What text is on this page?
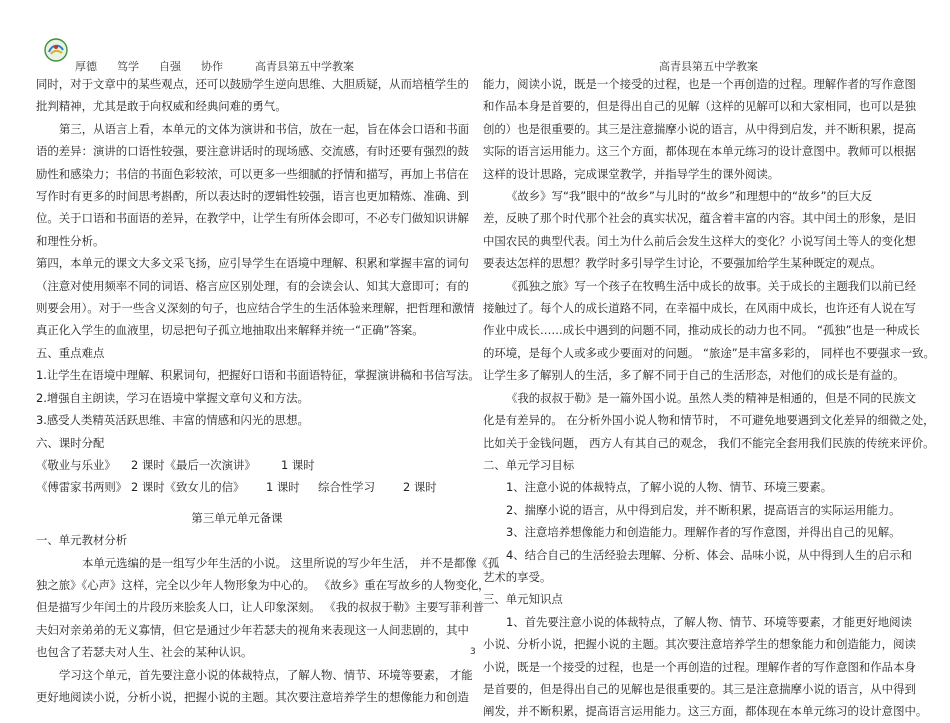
厚德 笃学 自强 协作	高青县第五中学教案	高青县第五中学教案

同时，对于文章中的某些观点，还可以鼓励学生逆向思维、大胆质疑，从而培植学生的

批判精神，尤其是敢于向权威和经典问难的勇气。

第三，从语言上看，本单元的文体为演讲和书信，放在一起，旨在体会口语和书面

语的差异：演讲的口语性较强，要注意讲话时的现场感、交流感，有时还要有强烈的鼓

励性和感染力；书信的书面色彩较浓，可以更多一些细腻的抒情和描写，再加上书信在

写作时有更多的时间思考斟酌，所以表达时的逻辑性较强，语言也更加精炼、准确、到

位。关于口语和书面语的差异，在教学中，让学生有所体会即可，不必专门做知识讲解

和理性分析。

第四，本单元的课文大多文采飞扬，应引导学生在语境中理解、积累和掌握丰富的词句

（注意对使用频率不同的词语、格言应区别处理，有的会读会认、知其大意即可；有的

则要会用）。对于一些含义深刻的句子，也应结合学生的生活体验来理解，把哲理和激情

真正化入学生的血液里，切忌把句子孤立地抽取出来解释并统一“正确”答案。

五、重点难点

1.让学生在语境中理解、积累词句，把握好口语和书面语特征，掌握演讲稿和书信写法。

2.增强自主朗读，学习在语境中掌握文章句义和方法。

3.感受人类精英活跃思维、丰富的情感和闪光的思想。

六、课时分配

《敬业与乐业》 2 课时《最后一次演讲》 1 课时

《傅雷家书两则》 2 课时《致女儿的信》 1 课时 综合性学习 2 课时

第三单元单元备课

一、单元教材分析

本单元选编的是一组写少年生活的小说。 这里所说的写少年生活， 并不是都像《孤

独之旅》《心声》这样，完全以少年人物形象为中心的。 《故乡》重在写故乡的人物变化，

但是描写少年闰土的片段历来脍炙人口，让人印象深刻。 《我的叔叔于勒》主要写菲利普

夫妇对亲弟弟的无义寡情，但它是通过少年若瑟夫的视角来表现这一人间悲剧的，其中

也包含了若瑟夫对人生、社会的某种认识。

学习这个单元，首先要注意小说的体裁特点，了解人物、情节、环境等要素， 才能

更好地阅读小说，分析小说，把握小说的主题。其次要注意培养学生的想像能力和创造

能力，阅读小说，既是一个接受的过程，也是一个再创造的过程。理解作者的写作意图

和作品本身是首要的，但是得出自己的见解（这样的见解可以和大家相同，也可以是独

创的）也是很重要的。其三是注意揣摩小说的语言，从中得到启发，并不断积累，提高

实际的语言运用能力。这三个方面，都体现在本单元练习的设计意图中。教师可以根据

这样的设计思路，完成课堂教学，并指导学生的课外阅读。

《故乡》写“我”眼中的“故乡”与儿时的“故乡”和理想中的“故乡”的巨大反

差，反映了那个时代那个社会的真实状况，蕴含着丰富的内容。其中闰土的形象，是旧

中国农民的典型代表。闰土为什么前后会发生这样大的变化？小说写闰土等人的变化想

要表达怎样的思想？教学时多引导学生讨论，不要强加给学生某种既定的观点。

《孤独之旅》写一个孩子在牧鸭生活中成长的故事。关于成长的主题我们以前已经

接触过了。每个人的成长道路不同，在幸福中成长，在风雨中成长，也许还有人说在写

作业中成长……成长中遇到的问题不同，推动成长的动力也不同。 “孤独”也是一种成长

的环境，是每个人或多或少要面对的问题。 “旅途”是丰富多彩的， 同样也不要强求一致。

让学生多了解别人的生活，多了解不同于自己的生活形态，对他们的成长是有益的。

《我的叔叔于勒》是一篇外国小说。虽然人类的精神是相通的，但是不同的民族文

化是有差异的。 在分析外国小说人物和情节时， 不可避免地要遇到文化差异的细微之处，

比如关于金钱问题， 西方人有其自己的观念， 我们不能完全套用我们民族的传统来评价。

二、单元学习目标

1、注意小说的体裁特点，了解小说的人物、情节、环境三要素。

2、揣摩小说的语言，从中得到启发，并不断积累，提高语言的实际运用能力。

3、注意培养想像能力和创造能力。理解作者的写作意图，并得出自己的见解。

4、结合自己的生活经验去理解、分析、体会、品味小说，从中得到人生的启示和

艺术的享受。

三、单元知识点

1、首先要注意小说的体裁特点，了解人物、情节、环境等要素，才能更好地阅读

小说、分析小说，把握小说的主题。其次要注意培养学生的想象能力和创造能力，阅读

小说，既是一个接受的过程，也是一个再创造的过程。理解作者的写作意图和作品本身

是首要的，但是得出自己的见解也是很重要的。其三是注意揣摩小说的语言，从中得到

阐发，并不断积累，提高语言运用能力。这三方面，都体现在本单元练习的设计意图中。

3
